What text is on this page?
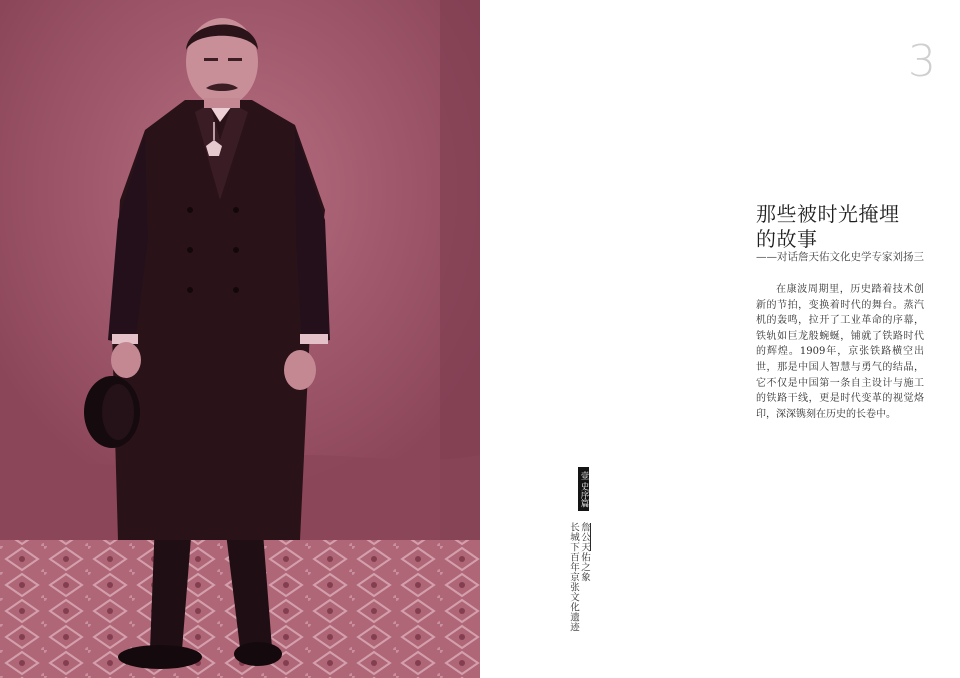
3
那些被时光掩埋
的故事
——对话詹天佑文化史学专家刘扬三

在康波周期里，历史踏着技术创新的节拍，变换着时代的舞台。蒸汽机的轰鸣，拉开了工业革命的序幕，铁轨如巨龙般蜿蜒，铺就了铁路时代的辉煌。1909年，京张铁路横空出世，那是中国人智慧与勇气的结晶，它不仅是中国第一条自主设计与施工的铁路干线，更是时代变革的视觉烙印，深深镌刻在历史的长卷中。

壹 史序篇
詹公天佑之象
长城下百年京张文化遗迹
